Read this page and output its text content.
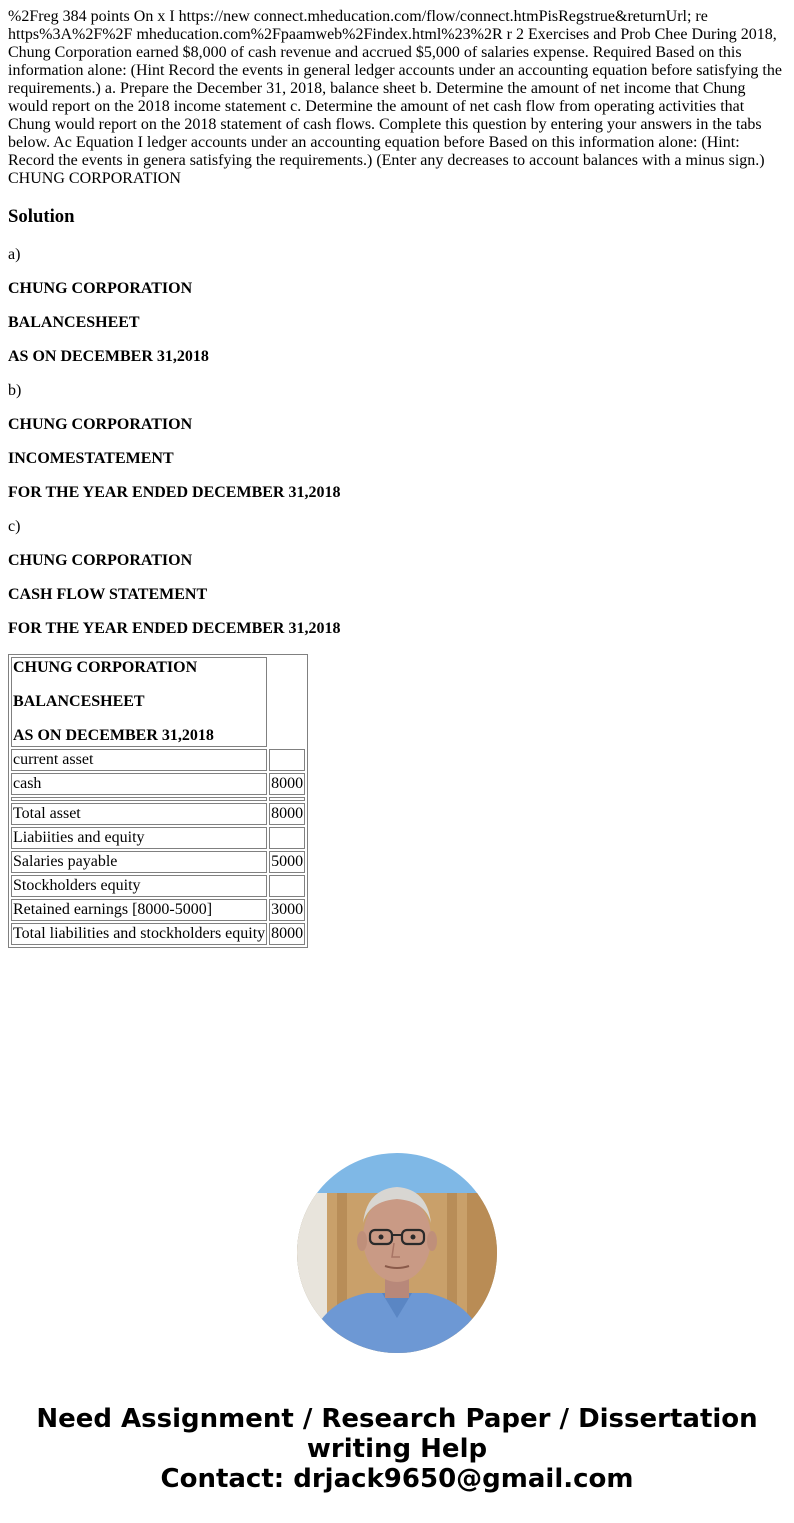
%2Freg 384 points On x I https://new connect.mheducation.com/flow/connect.htmPisRegstrue&returnUrl; re https%3A%2F%2F mheducation.com%2Fpaamweb%2Findex.html%23%2R r 2 Exercises and Prob Chee During 2018, Chung Corporation earned $8,000 of cash revenue and accrued $5,000 of salaries expense. Required Based on this information alone: (Hint Record the events in general ledger accounts under an accounting equation before satisfying the requirements.) a. Prepare the December 31, 2018, balance sheet b. Determine the amount of net income that Chung would report on the 2018 income statement c. Determine the amount of net cash flow from operating activities that Chung would report on the 2018 statement of cash flows. Complete this question by entering your answers in the tabs below. Ac Equation I ledger accounts under an accounting equation before Based on this information alone: (Hint: Record the events in genera satisfying the requirements.) (Enter any decreases to account balances with a minus sign.) CHUNG CORPORATION
Solution

a)

CHUNG CORPORATION

BALANCESHEET

AS ON DECEMBER 31,2018

b)

CHUNG CORPORATION

INCOMESTATEMENT

FOR THE YEAR ENDED DECEMBER 31,2018

c)

CHUNG CORPORATION

CASH FLOW STATEMENT

FOR THE YEAR ENDED DECEMBER 31,2018

CHUNG CORPORATION

BALANCESHEET

AS ON DECEMBER 31,2018	

current asset	
cash	8000

Total asset	8000
Liabiities and equity	
Salaries payable	5000
Stockholders equity	
Retained earnings [8000-5000]	3000
Total liabilities and stockholders equity	8000
Need Assignment / Research Paper / Dissertation
writing Help
Contact: drjack9650@gmail.com
